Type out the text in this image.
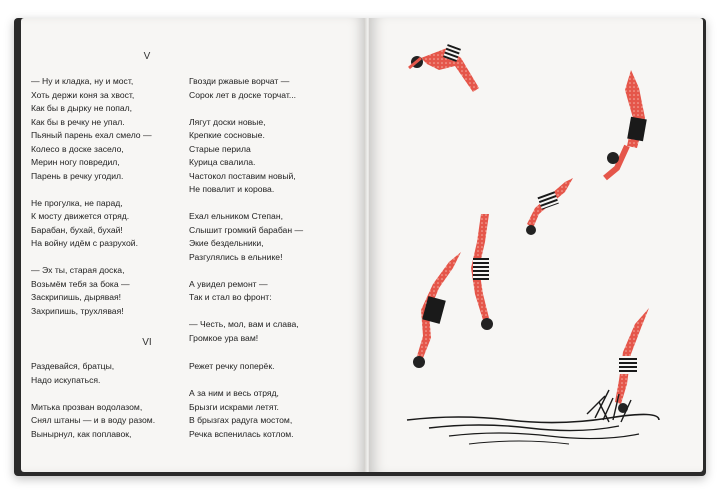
V
— Ну и кладка, ну и мост,
Хоть держи коня за хвост,
Как бы в дырку не попал,
Как бы в речку не упал.
Пьяный парень ехал смело —
Колесо в доске засело,
Мерин ногу повредил,
Парень в речку угодил.
Не прогулка, не парад,
К мосту движется отряд.
Барабан, бухай, бухай!
На войну идём с разрухой.
— Эх ты, старая доска,
Возьмём тебя за бока —
Заскрипишь, дырявая!
Захрипишь, трухлявая!
Гвозди ржавые ворчат —
Сорок лет в доске торчат...
Лягут доски новые,
Крепкие сосновые.
Старые перила
Курица свалила.
Частокол поставим новый,
Не повалит и корова.
Ехал ельником Степан,
Слышит громкий барабан —
Экие бездельники,
Разгулялись в ельнике!
А увидел ремонт —
Так и стал во фронт:
— Честь, мол, вам и слава,
Громкое ура вам!
VI
Раздевайся, братцы,
Надо искупаться.
Митька прозван водолазом,
Снял штаны — и в воду разом.
Вынырнул, как поплавок,
Режет речку поперёк.
А за ним и весь отряд,
Брызги искрами летят.
В брызгах радуга мостом,
Речка вспенилась котлом.
